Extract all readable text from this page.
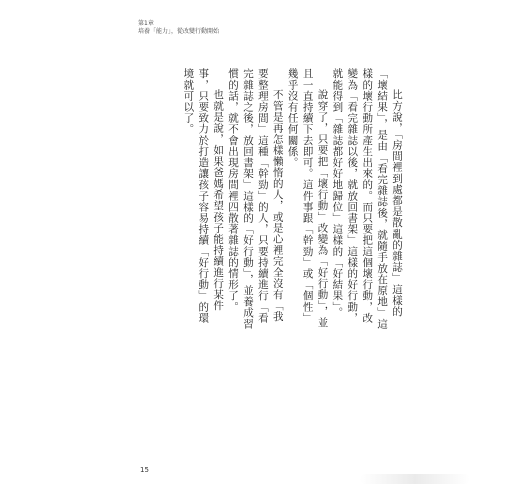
第1章
培養「能力」，從改變行動開始

比方說，「房間裡到處都是散亂的雜誌」這樣的「壞結果」，是由「看完雜誌後，就隨手放在原地」這樣的壞行動所產生出來的。而只要把這個壞行動，改變為「看完雜誌以後，就放回書架」這樣的好行動，就能得到「雜誌都好好地歸位」這樣的「好結果」。

說穿了，只要把「壞行動」改變為「好行動」，並且一直持續下去即可。這件事跟「幹勁」或「個性」幾乎沒有任何關係。

不管是再怎樣懶惰的人，或是心裡完全沒有「我要整理房間」這種「幹勁」的人，只要持續進行「看完雜誌之後，放回書架」這樣的「好行動」，並養成習慣的話，就不會出現房間裡四散著雜誌的情形了。

也就是說，如果爸媽希望孩子能持續進行某件事，只要致力於打造讓孩子容易持續「好行動」的環境就可以了。

15
